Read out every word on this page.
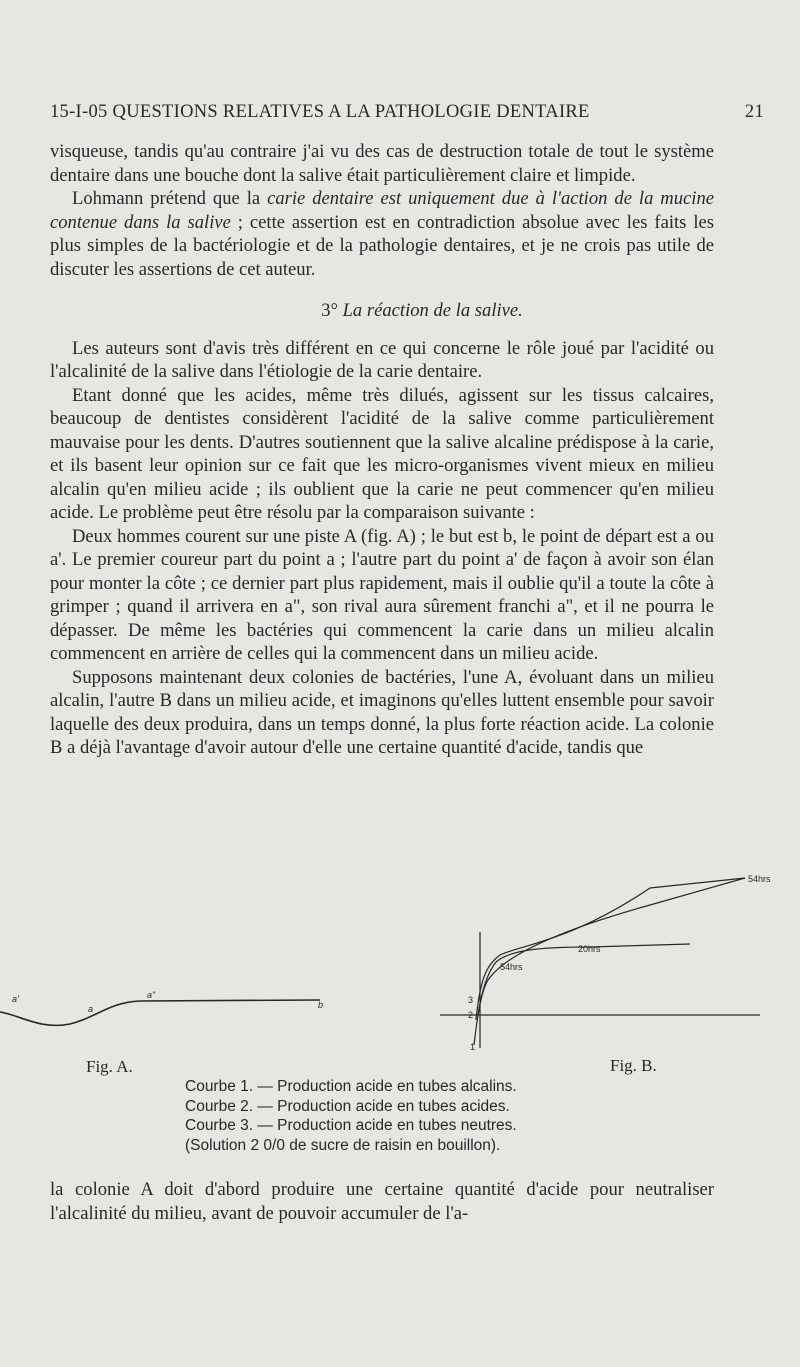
15-I-05 QUESTIONS RELATIVES A LA PATHOLOGIE DENTAIRE	21

visqueuse, tandis qu'au contraire j'ai vu des cas de destruction totale de tout le système dentaire dans une bouche dont la salive était particulièrement claire et limpide.

Lohmann prétend que la carie dentaire est uniquement due à l'action de la mucine contenue dans la salive ; cette assertion est en contradiction absolue avec les faits les plus simples de la bactériologie et de la pathologie dentaires, et je ne crois pas utile de discuter les assertions de cet auteur.

3° La réaction de la salive.

Les auteurs sont d'avis très différent en ce qui concerne le rôle joué par l'acidité ou l'alcalinité de la salive dans l'étiologie de la carie dentaire.

Etant donné que les acides, même très dilués, agissent sur les tissus calcaires, beaucoup de dentistes considèrent l'acidité de la salive comme particulièrement mauvaise pour les dents. D'autres soutiennent que la salive alcaline prédispose à la carie, et ils basent leur opinion sur ce fait que les micro-organismes vivent mieux en milieu alcalin qu'en milieu acide ; ils oublient que la carie ne peut commencer qu'en milieu acide. Le problème peut être résolu par la comparaison suivante :

Deux hommes courent sur une piste A (fig. A) ; le but est b, le point de départ est a ou a'. Le premier coureur part du point a ; l'autre part du point a' de façon à avoir son élan pour monter la côte ; ce dernier part plus rapidement, mais il oublie qu'il a toute la côte à grimper ; quand il arrivera en a", son rival aura sûrement franchi a", et il ne pourra le dépasser. De même les bactéries qui commencent la carie dans un milieu alcalin commencent en arrière de celles qui la commencent dans un milieu acide.

Supposons maintenant deux colonies de bactéries, l'une A, évoluant dans un milieu alcalin, l'autre B dans un milieu acide, et imaginons qu'elles luttent ensemble pour savoir laquelle des deux produira, dans un temps donné, la plus forte réaction acide. La colonie B a déjà l'avantage d'avoir autour d'elle une certaine quantité d'acide, tandis que

a'
a
a"
b
54hrs
20hrs
54hrs
3
2
1
Fig. A.	Fig. B.
Courbe 1. — Production acide en tubes alcalins.
Courbe 2. — Production acide en tubes acides.
Courbe 3. — Production acide en tubes neutres.
(Solution 2 0/0 de sucre de raisin en bouillon).
la colonie A doit d'abord produire une certaine quantité d'acide pour neutraliser l'alcalinité du milieu, avant de pouvoir accumuler de l'a-
